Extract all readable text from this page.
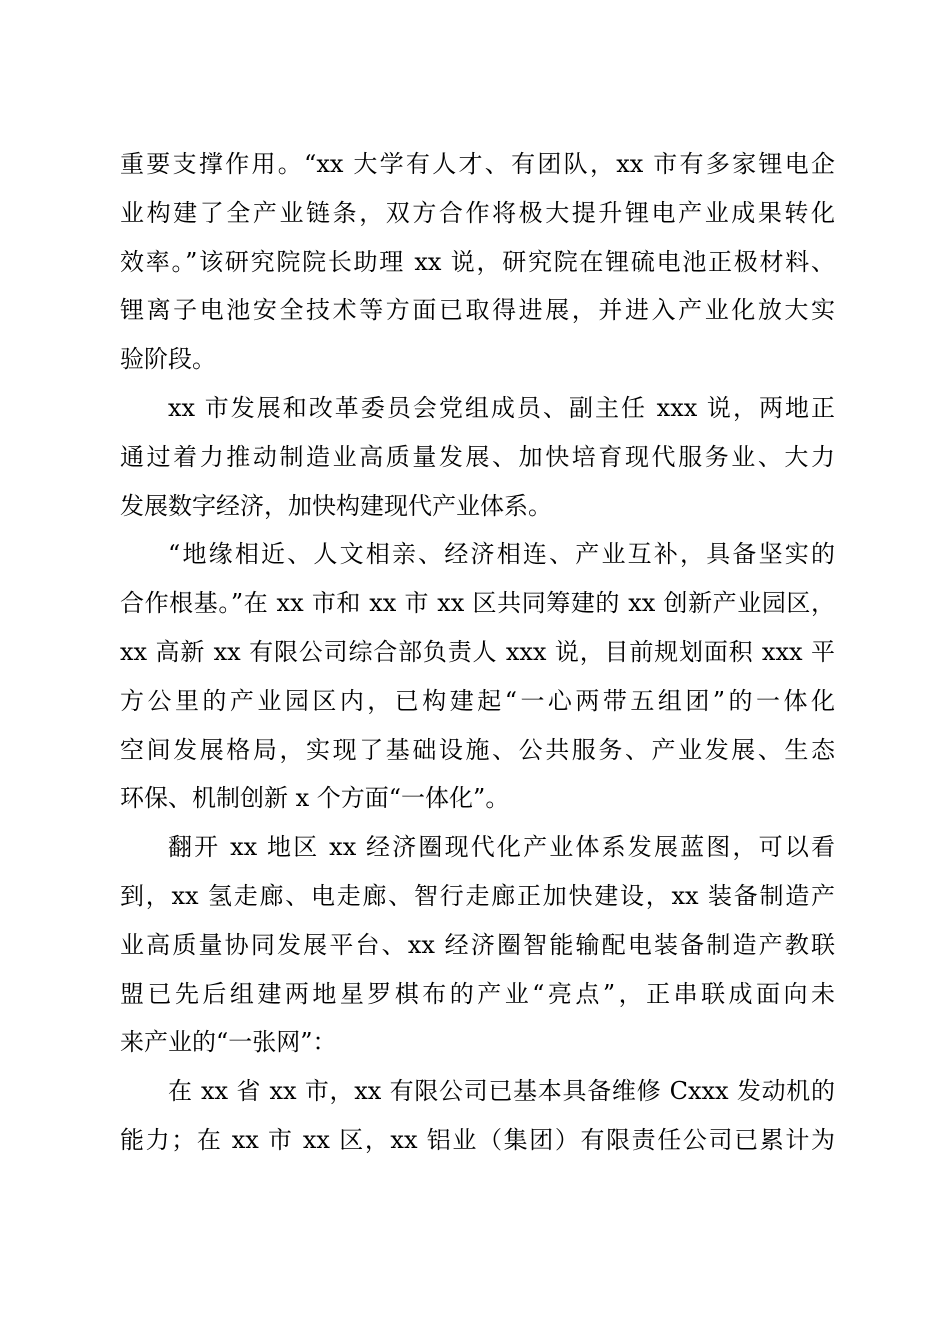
重要支撑作用。“xx 大学有人才、有团队，xx 市有多家锂电企
业构建了全产业链条，双方合作将极大提升锂电产业成果转化
效率。”该研究院院长助理 xx 说，研究院在锂硫电池正极材料、
锂离子电池安全技术等方面已取得进展，并进入产业化放大实
验阶段。
xx 市发展和改革委员会党组成员、副主任 xxx 说，两地正
通过着力推动制造业高质量发展、加快培育现代服务业、大力
发展数字经济，加快构建现代产业体系。
“地缘相近、人文相亲、经济相连、产业互补，具备坚实的
合作根基。”在 xx 市和 xx 市 xx 区共同筹建的 xx 创新产业园区，
xx 高新 xx 有限公司综合部负责人 xxx 说，目前规划面积 xxx 平
方公里的产业园区内，已构建起“一心两带五组团”的一体化
空间发展格局，实现了基础设施、公共服务、产业发展、生态
环保、机制创新 x 个方面“一体化”。
翻开 xx 地区 xx 经济圈现代化产业体系发展蓝图，可以看
到，xx 氢走廊、电走廊、智行走廊正加快建设，xx 装备制造产
业高质量协同发展平台、xx 经济圈智能输配电装备制造产教联
盟已先后组建两地星罗棋布的产业“亮点”，正串联成面向未
来产业的“一张网”：
在 xx 省 xx 市，xx 有限公司已基本具备维修 Cxxx 发动机的
能力；在 xx 市 xx 区，xx 铝业（集团）有限责任公司已累计为
